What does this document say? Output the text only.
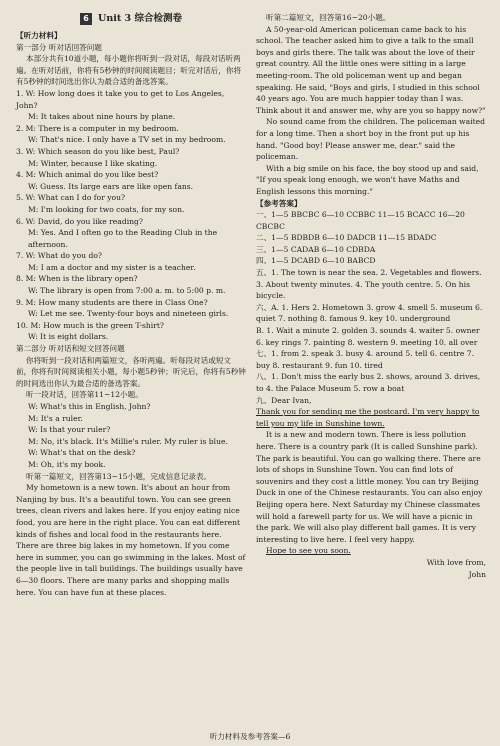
6 Unit 3 综合检测卷

【听力材料】

第一部分 听对话回答问题

本部分共有10道小题，每小题你将听到一段对话，每段对话听两遍。在听对话前，你将有5秒钟的时间阅读题目；听完对话后，你将有5秒钟的时间选出你认为最合适的备选答案。

1. W: How long does it take you to get to Los Angeles, John?

M: It takes about nine hours by plane.

2. M: There is a computer in my bedroom.

W: That's nice. I only have a TV set in my bedroom.

3. W: Which season do you like best, Paul?

M: Winter, because I like skating.

4. M: Which animal do you like best?

W: Guess. Its large ears are like open fans.

5. W: What can I do for you?

M: I'm looking for two coats, for my son.

6. W: David, do you like reading?

M: Yes. And I often go to the Reading Club in the afternoon.

7. W: What do you do?

M: I am a doctor and my sister is a teacher.

8. M: When is the library open?

W: The library is open from 7:00 a. m. to 5:00 p. m.

9. M: How many students are there in Class One?

W: Let me see. Twenty-four boys and nineteen girls.

10. M: How much is the green T-shirt?

W: It is eight dollars.

第二部分 听对话和短文回答问题

你将听到一段对话和两篇短文，各听两遍。听每段对话或短文前，你将有时间阅读相关小题，每小题5秒钟；听完后，你将有5秒钟的时间选出你认为最合适的备选答案。

听一段对话，回答第11~12小题。

W: What's this in English, John?

M: It's a ruler.

W: Is that your ruler?

M: No, it's black. It's Millie's ruler. My ruler is blue.

W: What's that on the desk?

M: Oh, it's my book.

听第一篇短文，回答第13~15小题，完成信息记录表。

My hometown is a new town. It's about an hour from Nanjing by bus. It's a beautiful town. You can see green trees, clean rivers and lakes here. If you enjoy eating nice food, you are here in the right place. You can eat different kinds of fishes and local food in the restaurants here. There are three big lakes in my hometown. If you come here in summer, you can go swimming in the lakes. Most of the people live in tall buildings. The buildings usually have 6—30 floors. There are many parks and shopping malls here. You can have fun at these places.

听第二篇短文，回答第16~20小题。

A 50-year-old American policeman came back to his school. The teacher asked him to give a talk to the small boys and girls there. The talk was about the love of their great country. All the little ones were sitting in a large meeting-room. The old policeman went up and began speaking. He said, "Boys and girls, I studied in this school 40 years ago. You are much happier today than I was. Think about it and answer me, why are you so happy now?"

No sound came from the children. The policeman waited for a long time. Then a short boy in the front put up his hand. "Good boy! Please answer me, dear." said the policeman.

With a big smile on his face, the boy stood up and said, "If you speak long enough, we won't have Maths and English lessons this morning."

【参考答案】

一、1—5 BBCBC 6—10 CCBBC 11—15 BCACC 16—20 CBCBC

二、1—5 BDBDB 6—10 DADCB 11—15 BDADC

三、1—5 CADAB 6—10 CDBDA

四、1—5 DCABD 6—10 BABCD

五、1. The town is near the sea. 2. Vegetables and flowers. 3. About twenty minutes. 4. The youth centre. 5. On his bicycle.

六、A. 1. Hers 2. Hometown 3. grow 4. smell 5. museum 6. quiet 7. nothing 8. famous 9. key 10. underground

B. 1. Wait a minute 2. golden 3. sounds 4. waiter 5. owner 6. key rings 7. painting 8. western 9. meeting 10. all over

七、1. from 2. speak 3. busy 4. around 5. tell 6. centre 7. buy 8. restaurant 9. fun 10. tired

八、1. Don't miss the early bus 2. shows, around 3. drives, to 4. the Palace Museum 5. row a boat

九、Dear Ivan,

Thank you for sending me the postcard. I'm very happy to tell you my life in Sunshine town.

It is a new and modern town. There is less pollution here. There is a country park (It is called Sunshine park). The park is beautiful. You can go walking there. There are lots of shops in Sunshine Town. You can find lots of souvenirs and they cost a little money. You can try Beijing Duck in one of the Chinese restaurants. You can also enjoy Beijing opera here. Next Saturday my Chinese classmates will hold a farewell party for us. We will have a picnic in the park. We will also play different ball games. It is very interesting to live here. I feel very happy.

Hope to see you soon.

With love from,

John

听力材料及参考答案—6
